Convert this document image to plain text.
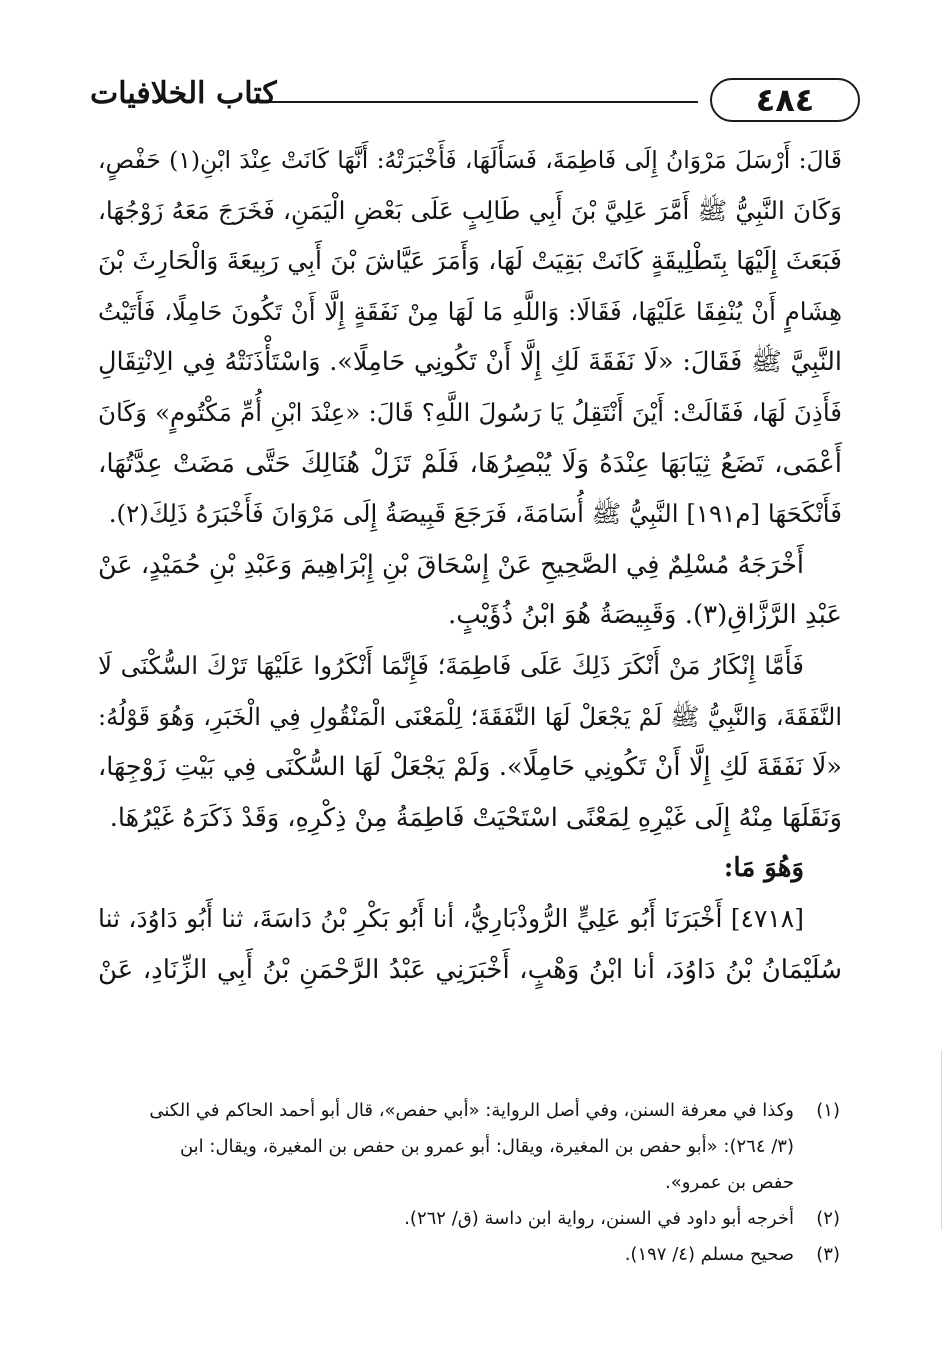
٤٨٤
كتاب الخلافيات
قَالَ: أَرْسَلَ مَرْوَانُ إِلَى فَاطِمَةَ، فَسَأَلَهَا، فَأَخْبَرَتْهُ: أَنَّهَا كَانَتْ عِنْدَ ابْنِ(١) حَفْصٍ،
وَكَانَ النَّبِيُّ ﷺ أَمَّرَ عَلِيَّ بْنَ أَبِي طَالِبٍ عَلَى بَعْضِ الْيَمَنِ، فَخَرَجَ مَعَهُ زَوْجُهَا،
فَبَعَثَ إِلَيْهَا بِتَطْلِيقَةٍ كَانَتْ بَقِيَتْ لَهَا، وَأَمَرَ عَيَّاشَ بْنَ أَبِي رَبِيعَةَ وَالْحَارِثَ بْنَ
هِشَامٍ أَنْ يُنْفِقَا عَلَيْهَا، فَقَالَا: وَاللَّهِ مَا لَهَا مِنْ نَفَقَةٍ إِلَّا أَنْ تَكُونَ حَامِلًا، فَأَتَيْتُ
النَّبِيَّ ﷺ فَقَالَ: «لَا نَفَقَةَ لَكِ إِلَّا أَنْ تَكُونِي حَامِلًا». وَاسْتَأْذَنَتْهُ فِي الِانْتِقَالِ
فَأَذِنَ لَهَا، فَقَالَتْ: أَيْنَ أَنْتَقِلُ يَا رَسُولَ اللَّهِ؟ قَالَ: «عِنْدَ ابْنِ أُمِّ مَكْتُومٍ» وَكَانَ
أَعْمَى، تَضَعُ ثِيَابَهَا عِنْدَهُ وَلَا يُبْصِرُهَا، فَلَمْ تَزَلْ هُنَالِكَ حَتَّى مَضَتْ عِدَّتُهَا،
فَأَنْكَحَهَا [م١٩١] النَّبِيُّ ﷺ أُسَامَةَ، فَرَجَعَ قَبِيصَةُ إِلَى مَرْوَانَ فَأَخْبَرَهُ ذَلِكَ(٢).
أَخْرَجَهُ مُسْلِمٌ فِي الصَّحِيحِ عَنْ إِسْحَاقَ بْنِ إِبْرَاهِيمَ وَعَبْدِ بْنِ حُمَيْدٍ، عَنْ
عَبْدِ الرَّزَّاقِ(٣). وَقَبِيصَةُ هُوَ ابْنُ ذُؤَيْبٍ.
فَأَمَّا إِنْكَارُ مَنْ أَنْكَرَ ذَلِكَ عَلَى فَاطِمَةَ؛ فَإِنَّمَا أَنْكَرُوا عَلَيْهَا تَرْكَ السُّكْنَى لَا
النَّفَقَةَ، وَالنَّبِيُّ ﷺ لَمْ يَجْعَلْ لَهَا النَّفَقَةَ؛ لِلْمَعْنَى الْمَنْقُولِ فِي الْخَبَرِ، وَهُوَ قَوْلُهُ:
«لَا نَفَقَةَ لَكِ إِلَّا أَنْ تَكُونِي حَامِلًا». وَلَمْ يَجْعَلْ لَهَا السُّكْنَى فِي بَيْتِ زَوْجِهَا،
وَنَقَلَهَا مِنْهُ إِلَى غَيْرِهِ لِمَعْنًى اسْتَحْيَتْ فَاطِمَةُ مِنْ ذِكْرِهِ، وَقَدْ ذَكَرَهُ غَيْرُهَا.
وَهُوَ مَا:
[٤٧١٨] أَخْبَرَنَا أَبُو عَلِيٍّ الرُّوذْبَارِيُّ، أنا أَبُو بَكْرِ بْنُ دَاسَةَ، ثنا أَبُو دَاوُدَ، ثنا
سُلَيْمَانُ بْنُ دَاوُدَ، أنا ابْنُ وَهْبٍ، أَخْبَرَنِي عَبْدُ الرَّحْمَنِ بْنُ أَبِي الزِّنَادِ، عَنْ
(١)وكذا في معرفة السنن، وفي أصل الرواية: «أبي حفص»، قال أبو أحمد الحاكم في الكنى
(٣/ ٢٦٤): «أبو حفص بن المغيرة، ويقال: أبو عمرو بن حفص بن المغيرة، ويقال: ابن
حفص بن عمرو».
(٢)أخرجه أبو داود في السنن، رواية ابن داسة (ق/ ٢٦٢).
(٣)صحيح مسلم (٤/ ١٩٧).
